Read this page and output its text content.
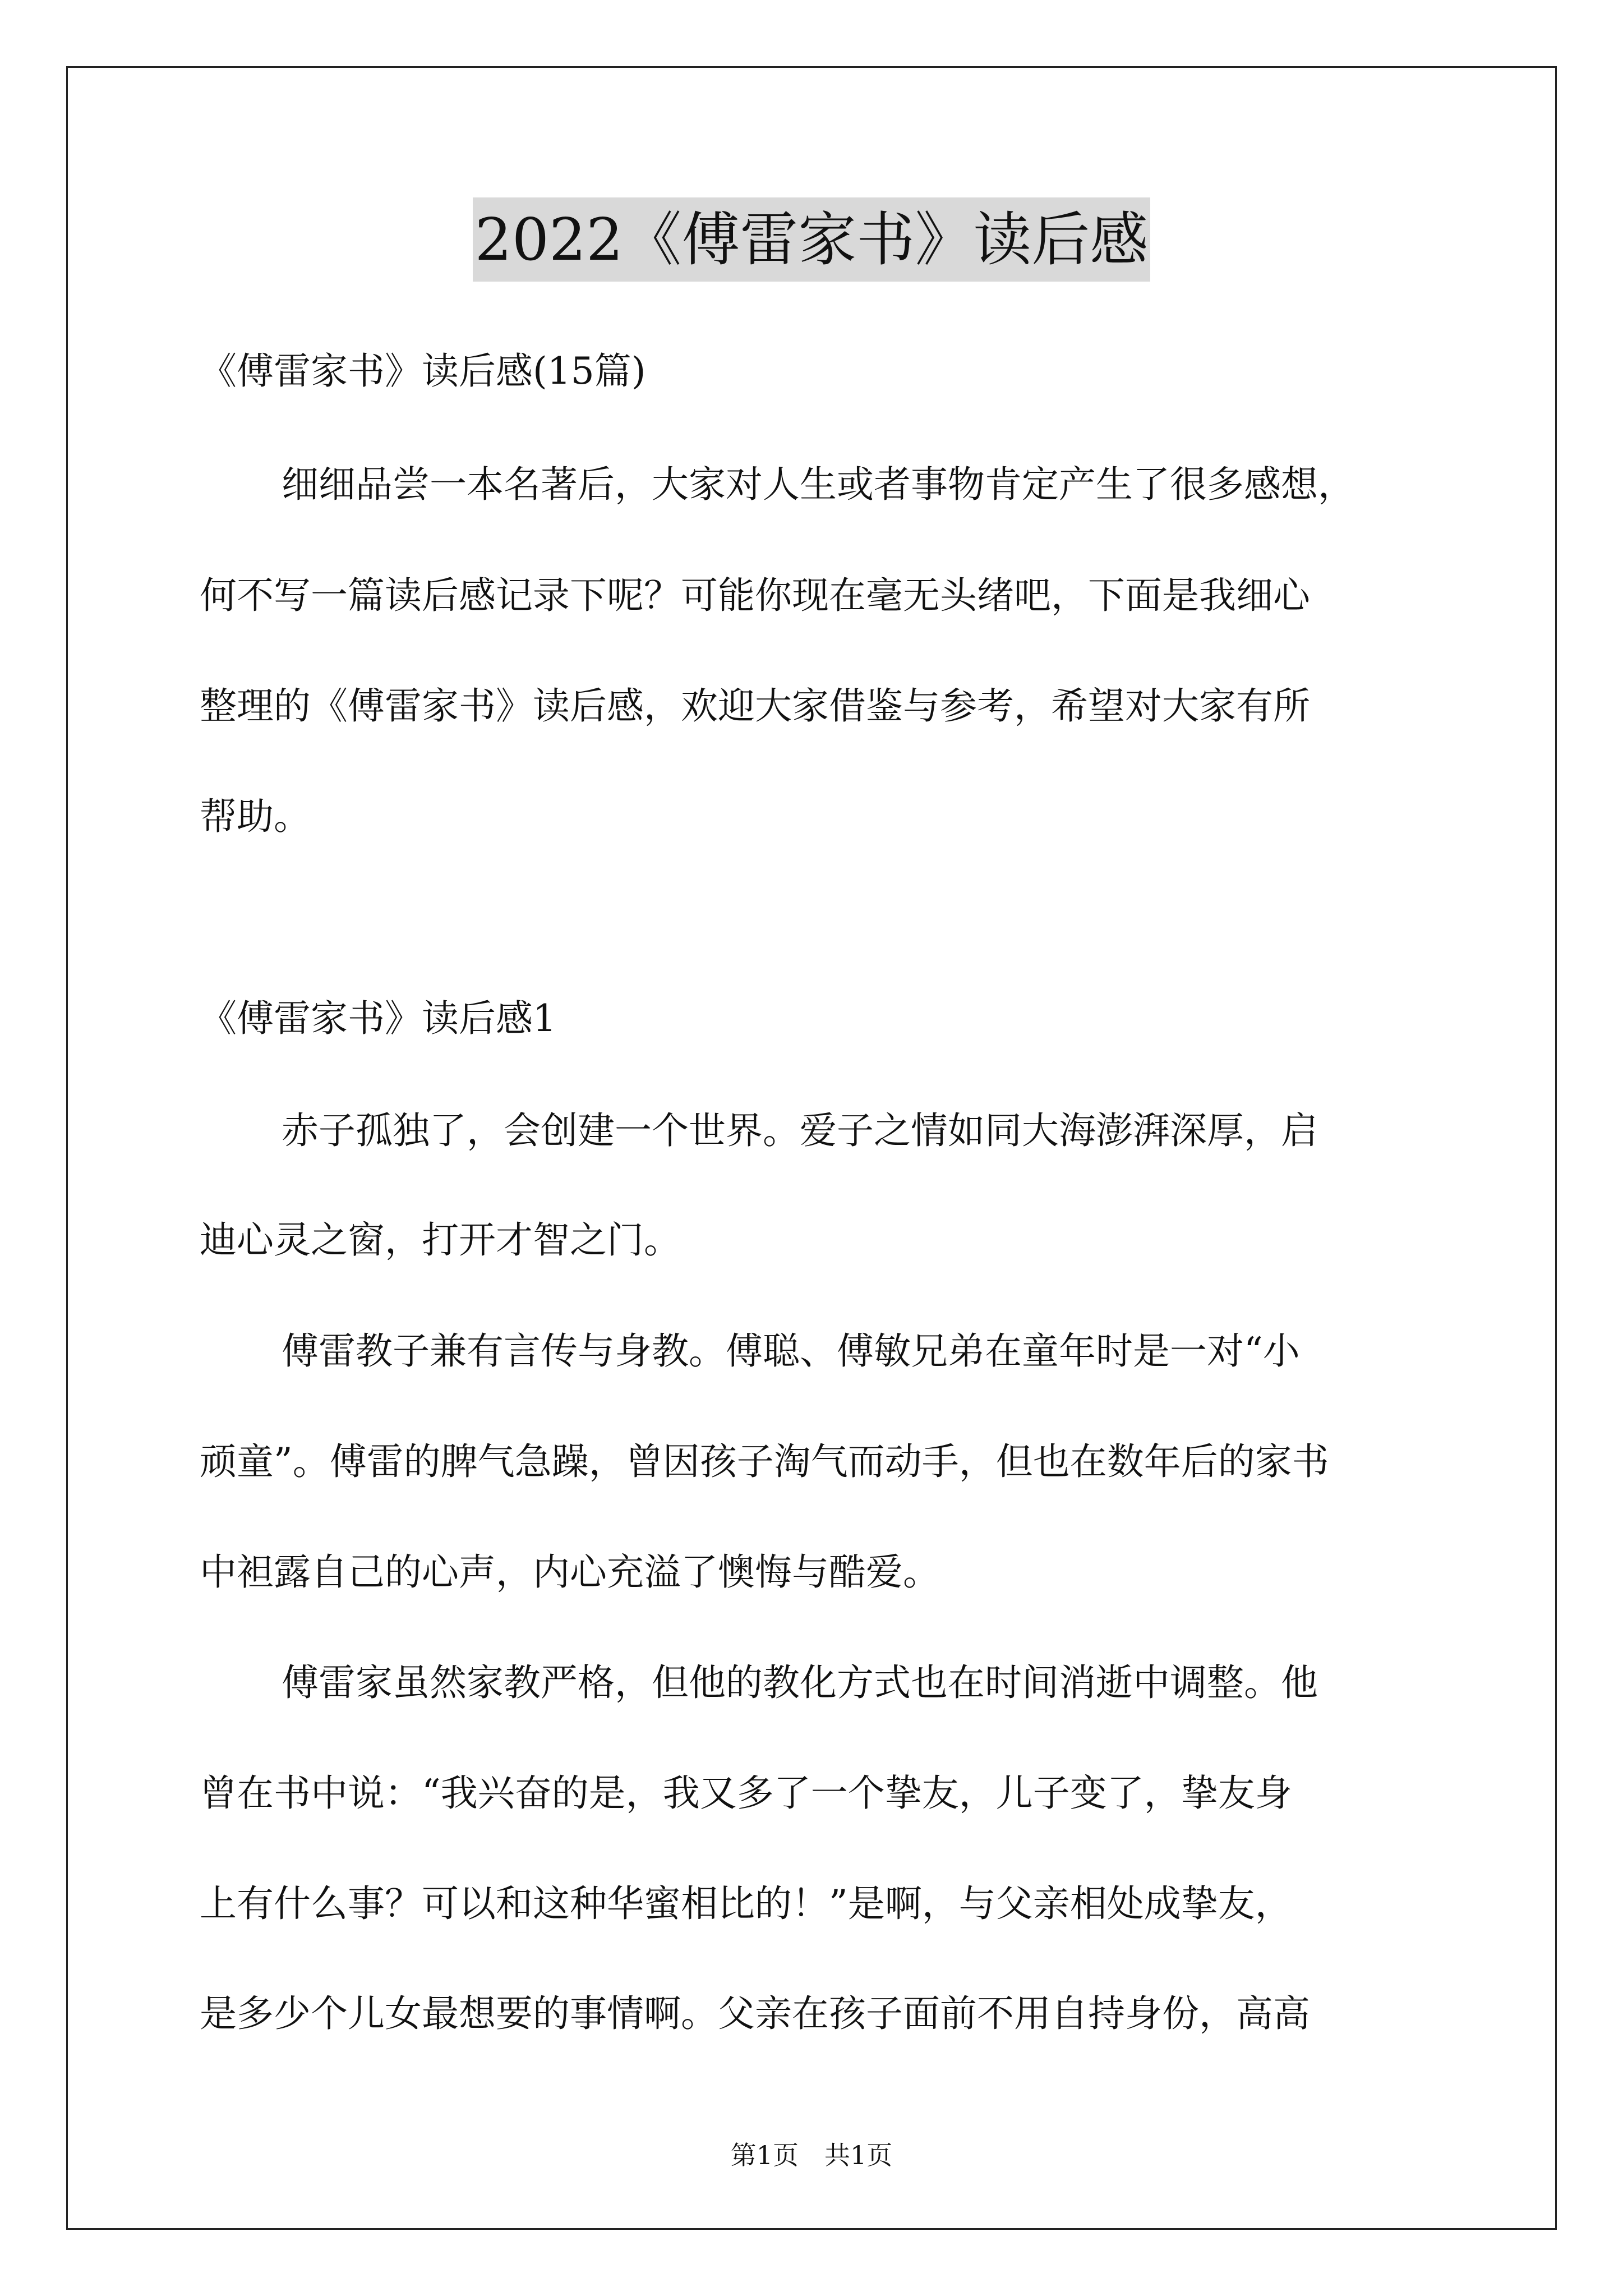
2022《傅雷家书》读后感
《傅雷家书》读后感(15篇)
细细品尝一本名著后，大家对人生或者事物肯定产生了很多感想，
何不写一篇读后感记录下呢？可能你现在毫无头绪吧，下面是我细心
整理的《傅雷家书》读后感，欢迎大家借鉴与参考，希望对大家有所
帮助。
《傅雷家书》读后感1
赤子孤独了，会创建一个世界。爱子之情如同大海澎湃深厚，启
迪心灵之窗，打开才智之门。
傅雷教子兼有言传与身教。傅聪、傅敏兄弟在童年时是一对“小
顽童”。傅雷的脾气急躁，曾因孩子淘气而动手，但也在数年后的家书
中袒露自己的心声，内心充溢了懊悔与酷爱。
傅雷家虽然家教严格，但他的教化方式也在时间消逝中调整。他
曾在书中说：“我兴奋的是，我又多了一个挚友，儿子变了，挚友身
上有什么事？可以和这种华蜜相比的！”是啊，与父亲相处成挚友，
是多少个儿女最想要的事情啊。父亲在孩子面前不用自持身份，高高
第1页　共1页
